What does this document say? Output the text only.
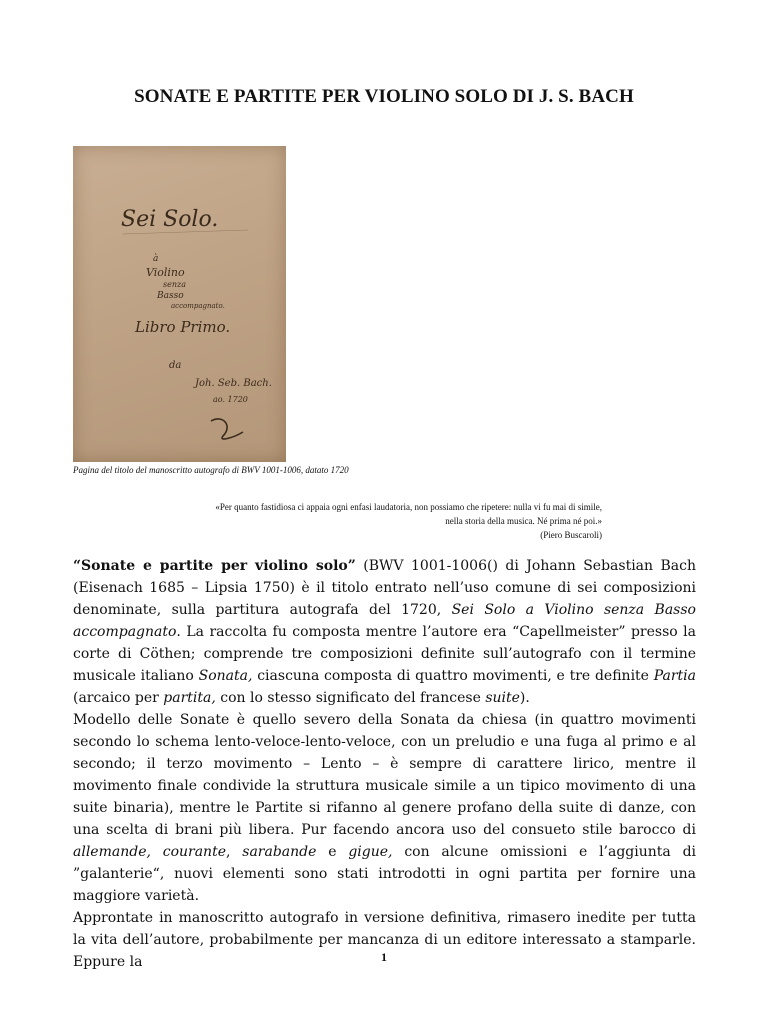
SONATE E PARTITE PER VIOLINO SOLO DI J. S. BACH
Sei Solo.
à
Violino
senza
Basso
accompagnato.
Libro Primo.
da
Joh. Seb. Bach.
ao. 1720
Pagina del titolo del manoscritto autografo di BWV 1001-1006, datato 1720
«Per quanto fastidiosa ci appaia ogni enfasi laudatoria, non possiamo che ripetere: nulla vi fu mai di simile,
nella storia della musica. Né prima né poi.»
(Piero Buscaroli)

“Sonate e partite per violino solo” (BWV 1001-1006() di Johann Sebastian Bach (Eisenach 1685 – Lipsia 1750) è il titolo entrato nell’uso comune di sei composizioni denominate, sulla partitura autografa del 1720, Sei Solo a Violino senza Basso accompagnato. La raccolta fu composta mentre l’autore era “Capellmeister” presso la corte di Cöthen; comprende tre composizioni definite sull’autografo con il termine musicale italiano Sonata, ciascuna composta di quattro movimenti, e tre definite Partia (arcaico per partita, con lo stesso significato del francese suite).

Modello delle Sonate è quello severo della Sonata da chiesa (in quattro movimenti secondo lo schema lento-veloce-lento-veloce, con un preludio e una fuga al primo e al secondo; il terzo movimento – Lento – è sempre di carattere lirico, mentre il movimento finale condivide la struttura musicale simile a un tipico movimento di una suite binaria), mentre le Partite si rifanno al genere profano della suite di danze, con una scelta di brani più libera. Pur facendo ancora uso del consueto stile barocco di allemande, courante, sarabande e gigue, con alcune omissioni e l’aggiunta di ”galanterie“, nuovi elementi sono stati introdotti in ogni partita per fornire una maggiore varietà.

Approntate in manoscritto autografo in versione definitiva, rimasero inedite per tutta la vita dell’autore, probabilmente per mancanza di un editore interessato a stamparle. Eppure la	1
